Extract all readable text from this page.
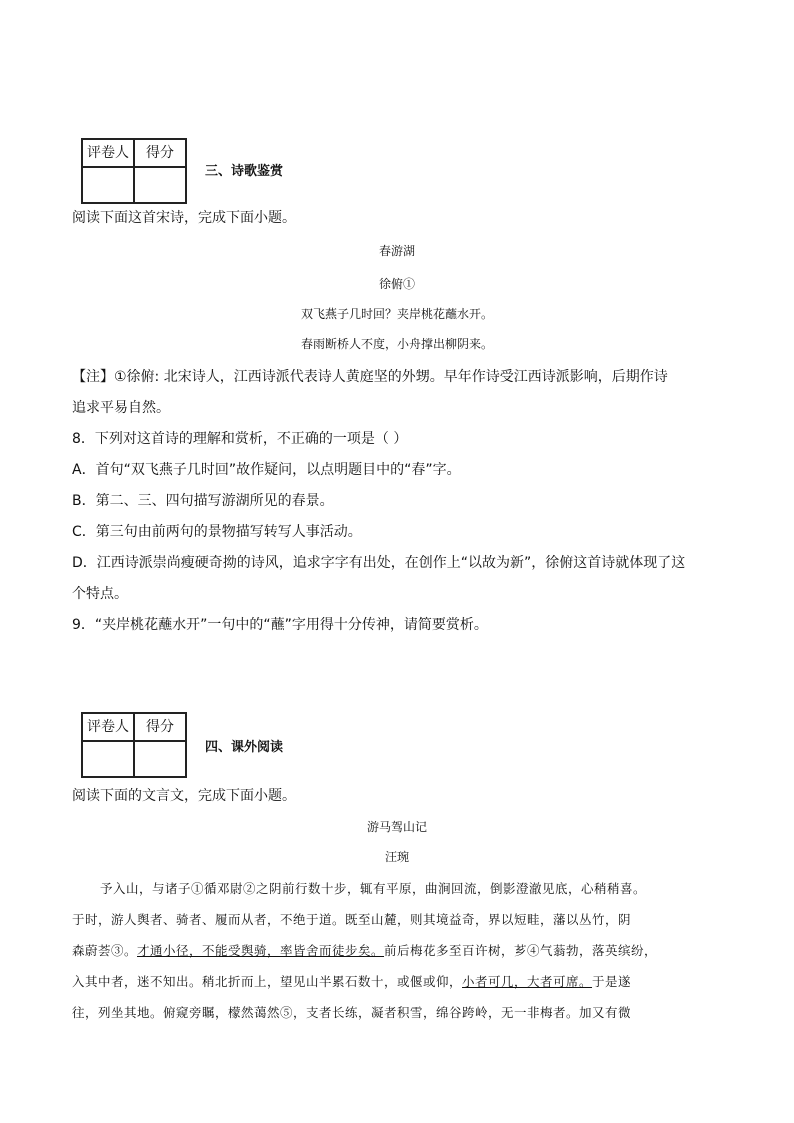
评卷人	得分

三、诗歌鉴赏
阅读下面这首宋诗，完成下面小题。
春游湖
徐俯①
双飞燕子几时回？夹岸桃花蘸水开。
春雨断桥人不度，小舟撑出柳阴来。
【注】①徐俯: 北宋诗人，江西诗派代表诗人黄庭坚的外甥。早年作诗受江西诗派影响，后期作诗
追求平易自然。
8．下列对这首诗的理解和赏析，不正确的一项是（ ）
A．首句“双飞燕子几时回”故作疑问，以点明题目中的“春”字。
B．第二、三、四句描写游湖所见的春景。
C．第三句由前两句的景物描写转写人事活动。
D．江西诗派崇尚瘦硬奇拗的诗风，追求字字有出处，在创作上“以故为新”，徐俯这首诗就体现了这
个特点。
9．“夹岸桃花蘸水开”一句中的“蘸”字用得十分传神，请简要赏析。
评卷人	得分

四、课外阅读
阅读下面的文言文，完成下面小题。
游马驾山记
汪琬
予入山，与诸子①循邓尉②之阴前行数十步，辄有平原，曲涧回流，倒影澄澈见底，心稍稍喜。
于时，游人舆者、骑者、履而从者，不绝于道。既至山麓，则其境益奇，界以短畦，藩以丛竹，阴
森蔚荟③。才通小径，不能受舆骑，率皆舍而徒步矣。前后梅花多至百许树，芗④气蓊勃，落英缤纷，
入其中者，迷不知出。稍北折而上，望见山半累石数十，或偃或仰，小者可几，大者可席。于是遂
往，列坐其地。俯窥旁瞩，檬然蔼然⑤，支者长练，凝者积雪，绵谷跨岭，无一非梅者。加又有微
